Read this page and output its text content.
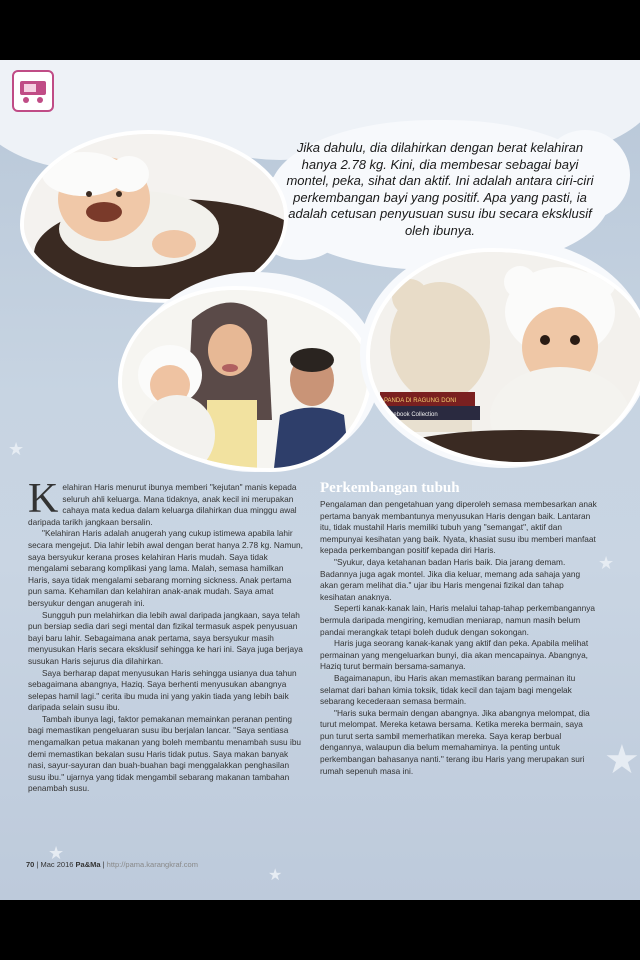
★
★
★
★
★
Jika dahulu, dia dilahirkan dengan berat kelahiran hanya 2.78 kg. Kini, dia membesar sebagai bayi montel, peka, sihat dan aktif. Ini adalah antara ciri-ciri perkembangan bayi yang positif. Apa yang pasti, ia adalah cetusan penyusuan susu ibu secara eksklusif oleh ibunya.
PANDA DI RAGUNG DONI
Notebook Collection

Kelahiran Haris menurut ibunya memberi "kejutan" manis kepada seluruh ahli keluarga. Mana tidaknya, anak kecil ini merupakan cahaya mata kedua dalam keluarga dilahirkan dua minggu awal daripada tarikh jangkaan bersalin.

"Kelahiran Haris adalah anugerah yang cukup istimewa apabila lahir secara mengejut. Dia lahir lebih awal dengan berat hanya 2.78 kg. Namun, saya bersyukur kerana proses kelahiran Haris mudah. Saya tidak mengalami sebarang komplikasi yang lama. Malah, semasa hamilkan Haris, saya tidak mengalami sebarang morning sickness. Anak pertama pun sama. Kehamilan dan kelahiran anak-anak mudah. Saya amat bersyukur dengan anugerah ini.

Sungguh pun melahirkan dia lebih awal daripada jangkaan, saya telah pun bersiap sedia dari segi mental dan fizikal termasuk aspek penyusuan bayi baru lahir. Sebagaimana anak pertama, saya bersyukur masih menyusukan Haris secara eksklusif sehingga ke hari ini. Saya juga berjaya susukan Haris sejurus dia dilahirkan.

Saya berharap dapat menyusukan Haris sehingga usianya dua tahun sebagaimana abangnya, Haziq. Saya berhenti menyusukan abangnya selepas hamil lagi." cerita ibu muda ini yang yakin tiada yang lebih baik daripada selain susu ibu.

Tambah ibunya lagi, faktor pemakanan memainkan peranan penting bagi memastikan pengeluaran susu ibu berjalan lancar. "Saya sentiasa mengamalkan petua makanan yang boleh membantu menambah susu ibu demi memastikan bekalan susu Haris tidak putus. Saya makan banyak nasi, sayur-sayuran dan buah-buahan bagi menggalakkan penghasilan susu ibu." ujarnya yang tidak mengambil sebarang makanan tambahan penambah susu.

Perkembangan tubuh

Pengalaman dan pengetahuan yang diperoleh semasa membesarkan anak pertama banyak membantunya menyusukan Haris dengan baik. Lantaran itu, tidak mustahil Haris memiliki tubuh yang "semangat", aktif dan mempunyai kesihatan yang baik. Nyata, khasiat susu ibu memberi manfaat kepada perkembangan positif kepada diri Haris.

"Syukur, daya ketahanan badan Haris baik. Dia jarang demam. Badannya juga agak montel. Jika dia keluar, memang ada sahaja yang akan geram melihat dia." ujar ibu Haris mengenai fizikal dan tahap kesihatan anaknya.

Seperti kanak-kanak lain, Haris melalui tahap-tahap perkembangannya bermula daripada mengiring, kemudian meniarap, namun masih belum pandai merangkak tetapi boleh duduk dengan sokongan.

Haris juga seorang kanak-kanak yang aktif dan peka. Apabila melihat permainan yang mengeluarkan bunyi, dia akan mencapainya. Abangnya, Haziq turut bermain bersama-samanya.

Bagaimanapun, ibu Haris akan memastikan barang permainan itu selamat dari bahan kimia toksik, tidak kecil dan tajam bagi mengelak sebarang kecederaan semasa bermain.

"Haris suka bermain dengan abangnya. Jika abangnya melompat, dia turut melompat. Mereka ketawa bersama. Ketika mereka bermain, saya pun turut serta sambil memerhatikan mereka. Saya kerap berbual dengannya, walaupun dia belum memahaminya. Ia penting untuk perkembangan bahasanya nanti." terang ibu Haris yang merupakan suri rumah sepenuh masa ini.

70 | Mac 2016 Pa&Ma | http://pama.karangkraf.com
